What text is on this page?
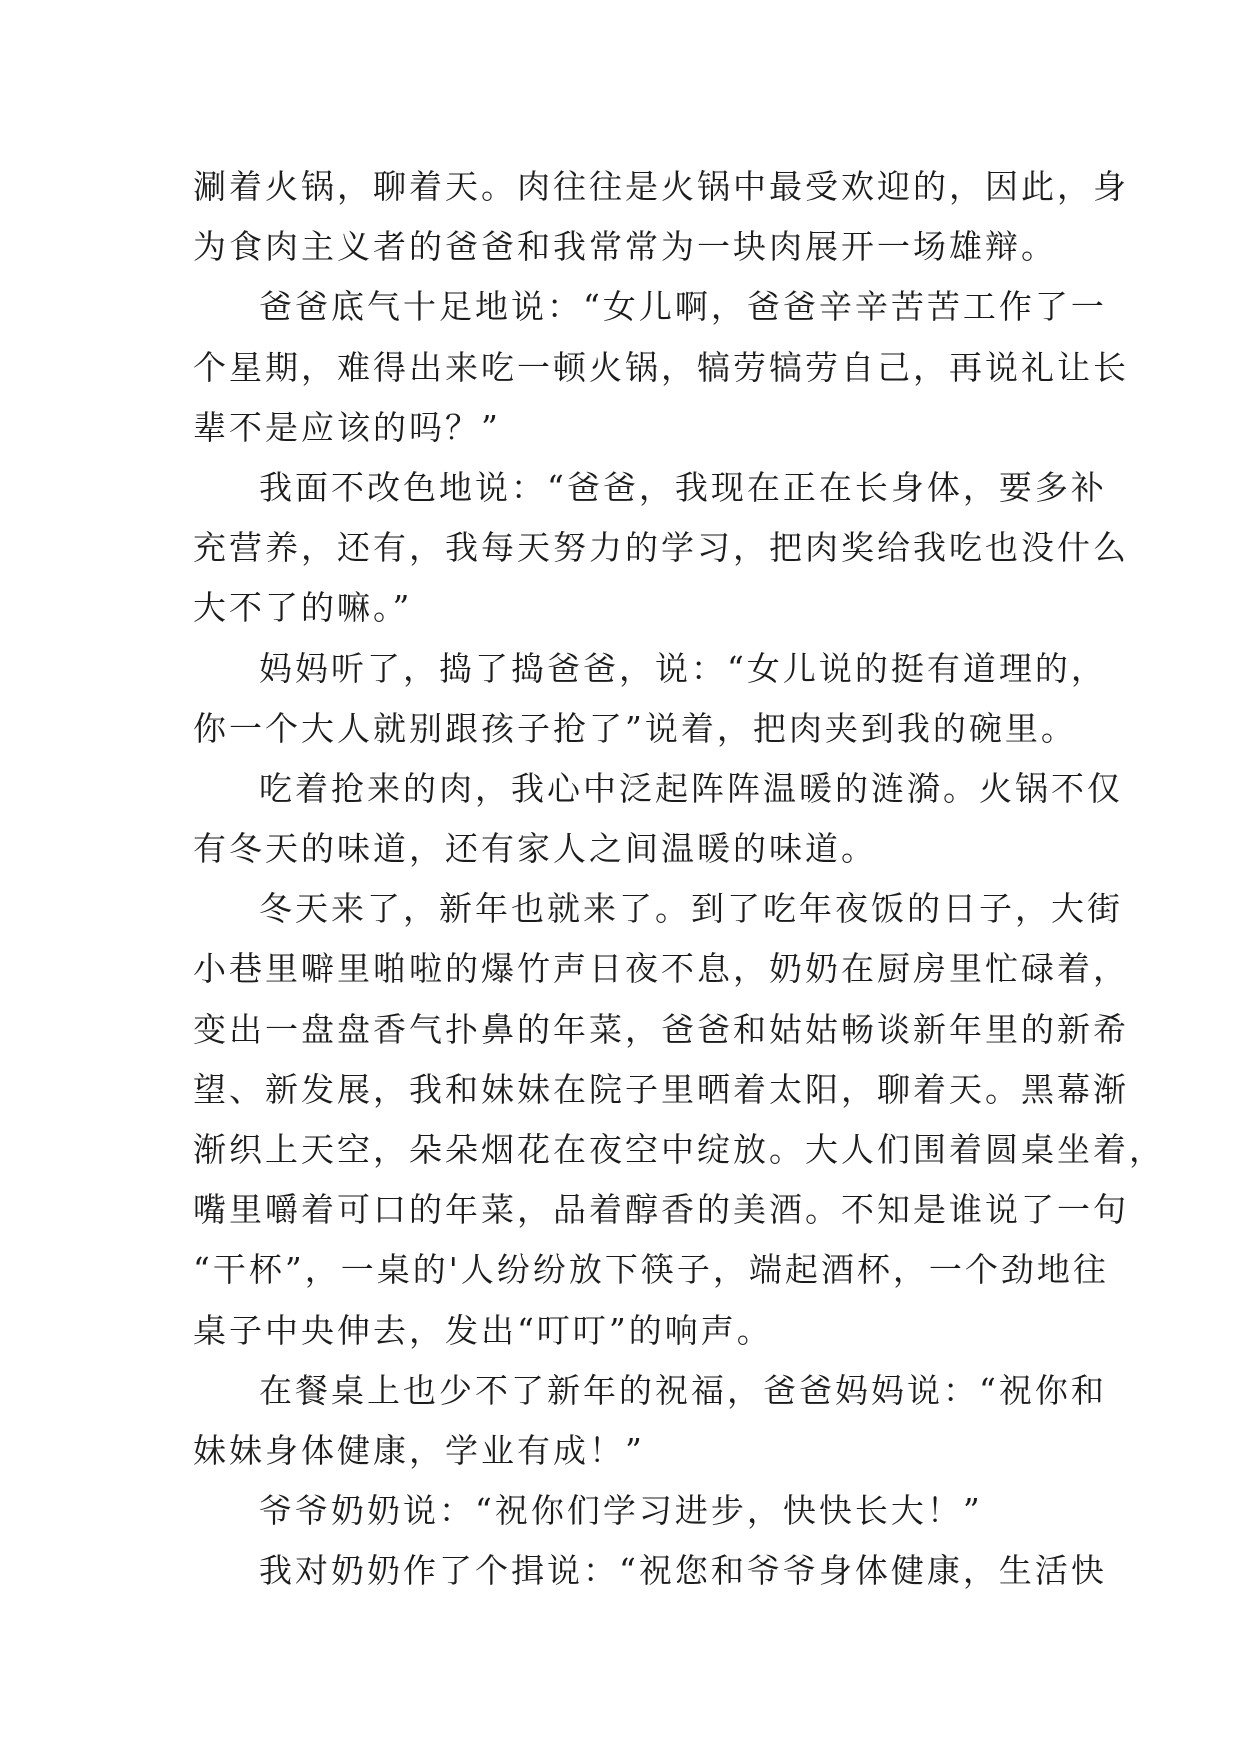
涮着火锅，聊着天。肉往往是火锅中最受欢迎的，因此，身
为食肉主义者的爸爸和我常常为一块肉展开一场雄辩。
爸爸底气十足地说：“女儿啊，爸爸辛辛苦苦工作了一
个星期，难得出来吃一顿火锅，犒劳犒劳自己，再说礼让长
辈不是应该的吗？”
我面不改色地说：“爸爸，我现在正在长身体，要多补
充营养，还有，我每天努力的学习，把肉奖给我吃也没什么
大不了的嘛。”
妈妈听了，捣了捣爸爸，说：“女儿说的挺有道理的，
你一个大人就别跟孩子抢了”说着，把肉夹到我的碗里。
吃着抢来的肉，我心中泛起阵阵温暖的涟漪。火锅不仅
有冬天的味道，还有家人之间温暖的味道。
冬天来了，新年也就来了。到了吃年夜饭的日子，大街
小巷里噼里啪啦的爆竹声日夜不息，奶奶在厨房里忙碌着，
变出一盘盘香气扑鼻的年菜，爸爸和姑姑畅谈新年里的新希
望、新发展，我和妹妹在院子里晒着太阳，聊着天。黑幕渐
渐织上天空，朵朵烟花在夜空中绽放。大人们围着圆桌坐着，
嘴里嚼着可口的年菜，品着醇香的美酒。不知是谁说了一句
“干杯”，一桌的'人纷纷放下筷子，端起酒杯，一个劲地往
桌子中央伸去，发出“叮叮”的响声。
在餐桌上也少不了新年的祝福，爸爸妈妈说：“祝你和
妹妹身体健康，学业有成！”
爷爷奶奶说：“祝你们学习进步，快快长大！”
我对奶奶作了个揖说：“祝您和爷爷身体健康，生活快
